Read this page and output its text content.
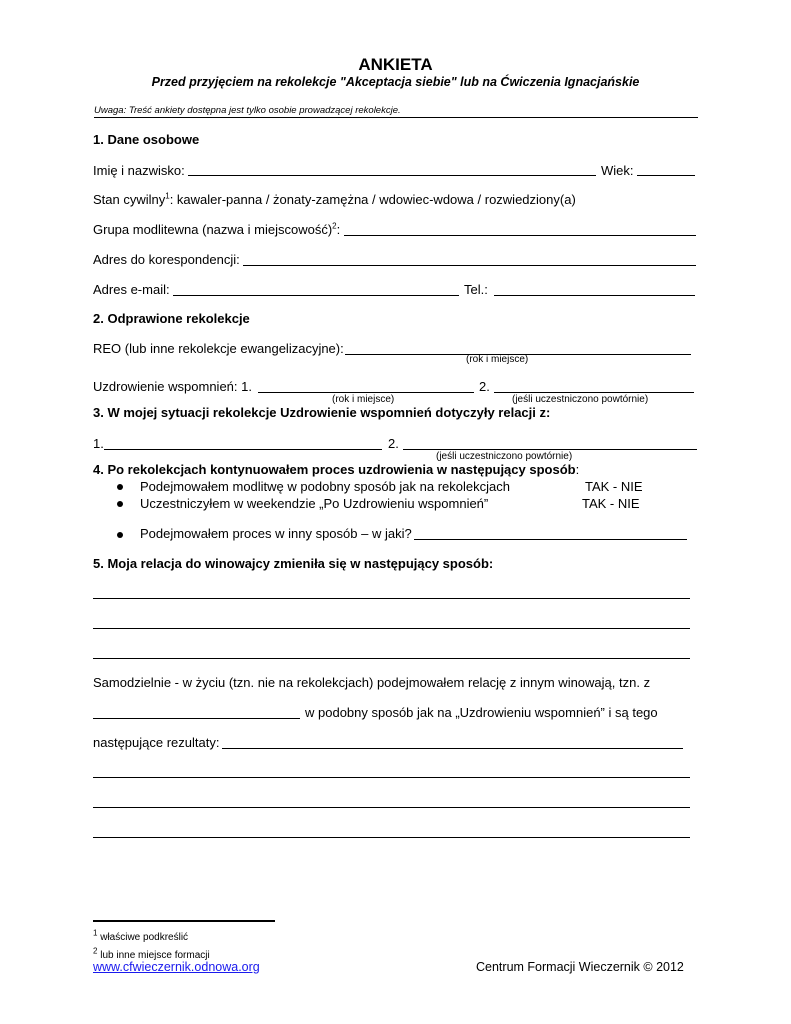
ANKIETA
Przed przyjęciem na rekolekcje "Akceptacja siebie" lub na Ćwiczenia Ignacjańskie
Uwaga: Treść ankiety dostępna jest tylko osobie prowadzącej rekolekcje.
1. Dane osobowe
Imię i nazwisko:	Wiek:
Stan cywilny$^1$: kawaler-panna / żonaty-zamężna / wdowiec-wdowa / rozwiedziony(a)
Grupa modlitewna (nazwa i miejscowość)$^2$:
Adres do korespondencji:
Adres e-mail:	Tel.:
2. Odprawione rekolekcje
REO (lub inne rekolekcje ewangelizacyjne):
(rok i miejsce)
Uzdrowienie wspomnień: 1.	2.
(rok i miejsce)	(jeśli uczestniczono powtórnie)
3. W mojej sytuacji rekolekcje Uzdrowienie wspomnień dotyczyły relacji z:
1.	2.
(jeśli uczestniczono powtórnie)
4. Po rekolekcjach kontynuowałem proces uzdrowienia w następujący sposób:
Podejmowałem modlitwę w podobny sposób jak na rekolekcjach	TAK - NIE
Uczestniczyłem w weekendzie „Po Uzdrowieniu wspomnień”	TAK - NIE
Podejmowałem proces w inny sposób – w jaki?
5. Moja relacja do winowajcy zmieniła się w następujący sposób:
Samodzielnie - w życiu (tzn. nie na rekolekcjach) podejmowałem relację z innym winowają, tzn. z
w podobny sposób jak na „Uzdrowieniu wspomnień” i są tego
następujące rezultaty:
$^1$ właściwe podkreślić
$^2$ lub inne miejsce formacji
www.cfwieczernik.odnowa.org	Centrum Formacji Wieczernik © 2012
